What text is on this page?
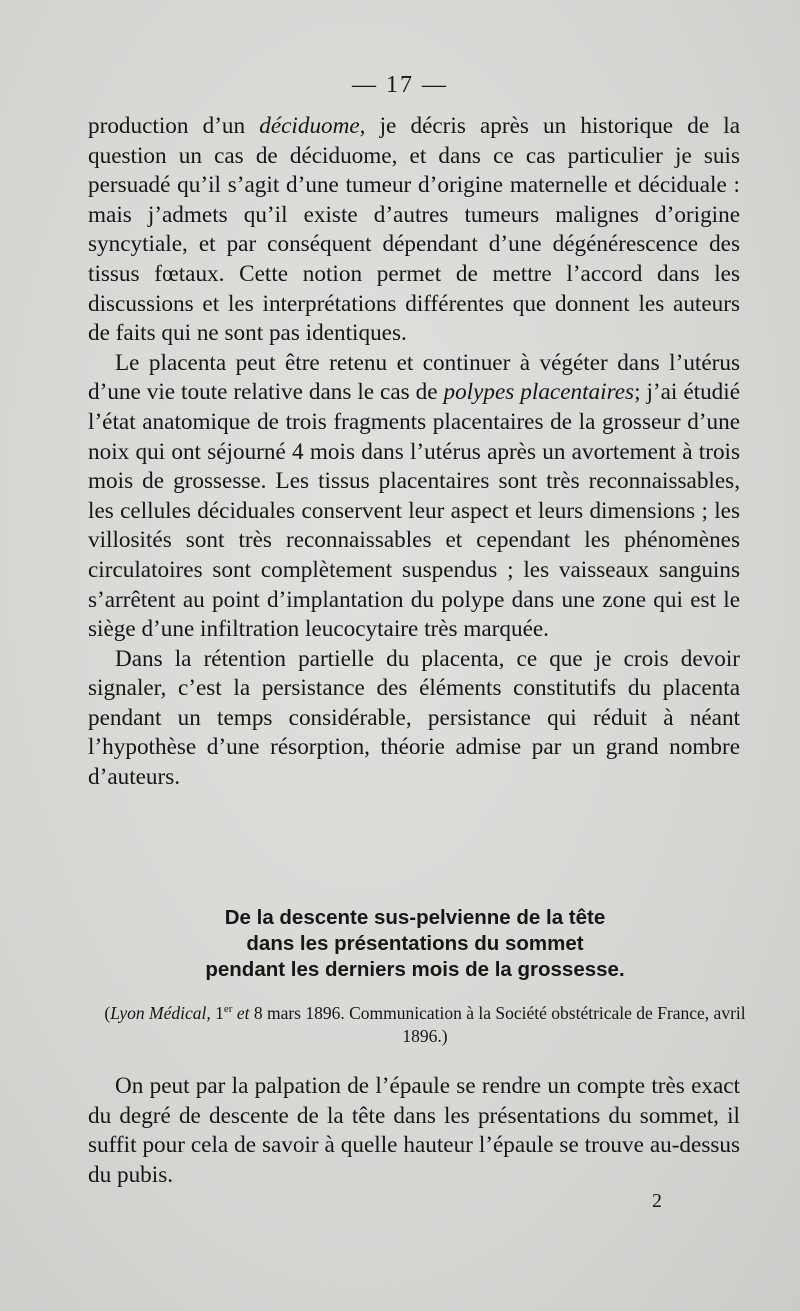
— 17 —

production d’un déciduome, je décris après un historique de la question un cas de déciduome, et dans ce cas particulier je suis persuadé qu’il s’agit d’une tumeur d’origine maternelle et déciduale : mais j’admets qu’il existe d’autres tumeurs malignes d’origine syncytiale, et par conséquent dépendant d’une dégénérescence des tissus fœtaux. Cette notion permet de mettre l’accord dans les discussions et les interprétations différentes que donnent les auteurs de faits qui ne sont pas identiques.

Le placenta peut être retenu et continuer à végéter dans l’utérus d’une vie toute relative dans le cas de polypes placentaires; j’ai étudié l’état anatomique de trois fragments placentaires de la grosseur d’une noix qui ont séjourné 4 mois dans l’utérus après un avortement à trois mois de grossesse. Les tissus placentaires sont très reconnaissables, les cellules déciduales conservent leur aspect et leurs dimensions ; les villosités sont très reconnaissables et cependant les phénomènes circulatoires sont complètement suspendus ; les vaisseaux sanguins s’arrêtent au point d’implantation du polype dans une zone qui est le siège d’une infiltration leucocytaire très marquée.

Dans la rétention partielle du placenta, ce que je crois devoir signaler, c’est la persistance des éléments constitutifs du placenta pendant un temps considérable, persistance qui réduit à néant l’hypothèse d’une résorption, théorie admise par un grand nombre d’auteurs.

De la descente sus-pelvienne de la tête
dans les présentations du sommet
pendant les derniers mois de la grossesse.
(Lyon Médical, 1er et 8 mars 1896. Communication à la Société obstétricale de France, avril 1896.)

On peut par la palpation de l’épaule se rendre un compte très exact du degré de descente de la tête dans les présentations du sommet, il suffit pour cela de savoir à quelle hauteur l’épaule se trouve au-dessus du pubis.

2
